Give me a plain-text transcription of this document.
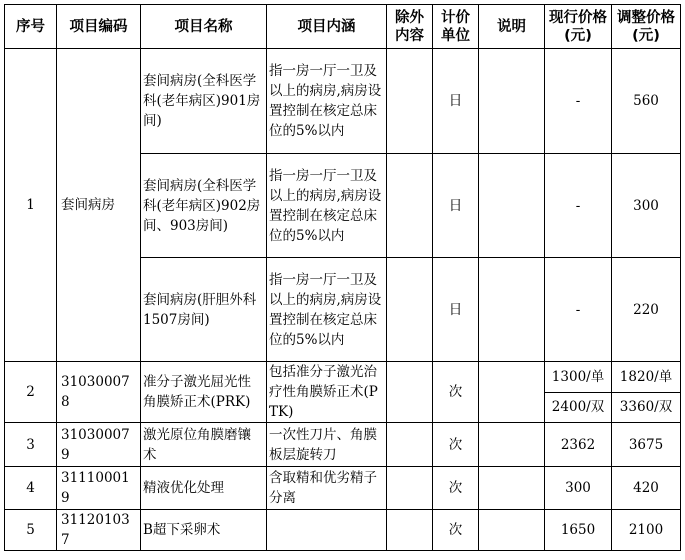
序号	项目编码	项目名称	项目内涵	除外内容	计价单位	说明	现行价格(元)	调整价格(元)
1	套间病房	套间病房(全科医学科(老年病区)901房间)	指一房一厅一卫及以上的病房,病房设置控制在核定总床位的5%以内		日		-	560
		套间病房(全科医学科(老年病区)902房间、903房间)	指一房一厅一卫及以上的病房,病房设置控制在核定总床位的5%以内		日		-	300
		套间病房(肝胆外科1507房间)	指一房一厅一卫及以上的病房,病房设置控制在核定总床位的5%以内		日		-	220
2	310300078	准分子激光屈光性角膜矫正术(PRK)	包括准分子激光治疗性角膜矫正术(PTK)		次		1300/单	1820/单
							2400/双	3360/双
3	310300079	激光原位角膜磨镶术	一次性刀片、角膜板层旋转刀		次		2362	3675
4	311100019	精液优化处理	含取精和优劣精子分离		次		300	420
5	311201037	B超下采卵术			次		1650	2100
